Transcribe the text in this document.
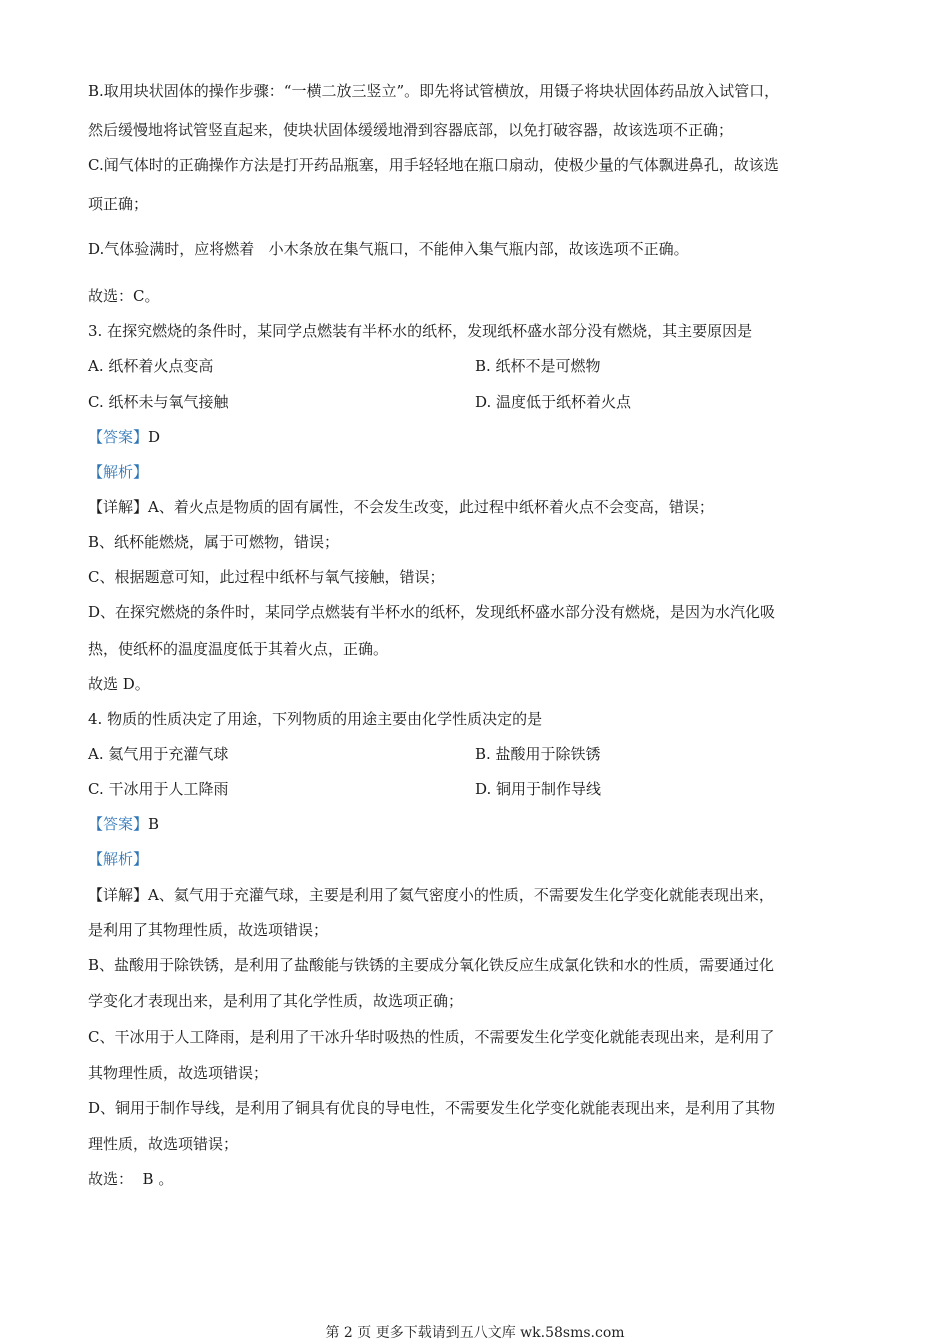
B.取用块状固体的操作步骤：“一横二放三竖立”。即先将试管横放，用镊子将块状固体药品放入试管口，
然后缓慢地将试管竖直起来，使块状固体缓缓地滑到容器底部，以免打破容器，故该选项不正确；
C.闻气体时的正确操作方法是打开药品瓶塞，用手轻轻地在瓶口扇动，使极少量的气体飘进鼻孔，故该选
项正确；
D.气体验满时，应将燃着   小木条放在集气瓶口，不能伸入集气瓶内部，故该选项不正确。
故选：C。
3. 在探究燃烧的条件时，某同学点燃装有半杯水的纸杯，发现纸杯盛水部分没有燃烧，其主要原因是
A. 纸杯着火点变高	B. 纸杯不是可燃物
C. 纸杯未与氧气接触	D. 温度低于纸杯着火点
【答案】D
【解析】
【详解】A、着火点是物质的固有属性，不会发生改变，此过程中纸杯着火点不会变高，错误；
B、纸杯能燃烧，属于可燃物，错误；
C、根据题意可知，此过程中纸杯与氧气接触，错误；
D、在探究燃烧的条件时，某同学点燃装有半杯水的纸杯，发现纸杯盛水部分没有燃烧，是因为水汽化吸
热，使纸杯的温度温度低于其着火点，正确。
故选 D。
4. 物质的性质决定了用途，下列物质的用途主要由化学性质决定的是
A. 氦气用于充灌气球	B. 盐酸用于除铁锈
C. 干冰用于人工降雨	D. 铜用于制作导线
【答案】B
【解析】
【详解】A、氦气用于充灌气球，主要是利用了氦气密度小的性质，不需要发生化学变化就能表现出来，
是利用了其物理性质，故选项错误；
B、盐酸用于除铁锈，是利用了盐酸能与铁锈的主要成分氧化铁反应生成氯化铁和水的性质，需要通过化
学变化才表现出来，是利用了其化学性质，故选项正确；
C、干冰用于人工降雨，是利用了干冰升华时吸热的性质，不需要发生化学变化就能表现出来，是利用了
其物理性质，故选项错误；
D、铜用于制作导线，是利用了铜具有优良的导电性，不需要发生化学变化就能表现出来，是利用了其物
理性质，故选项错误；
故选：  B 。
第 2 页 更多下载请到五八文库 wk.58sms.com
